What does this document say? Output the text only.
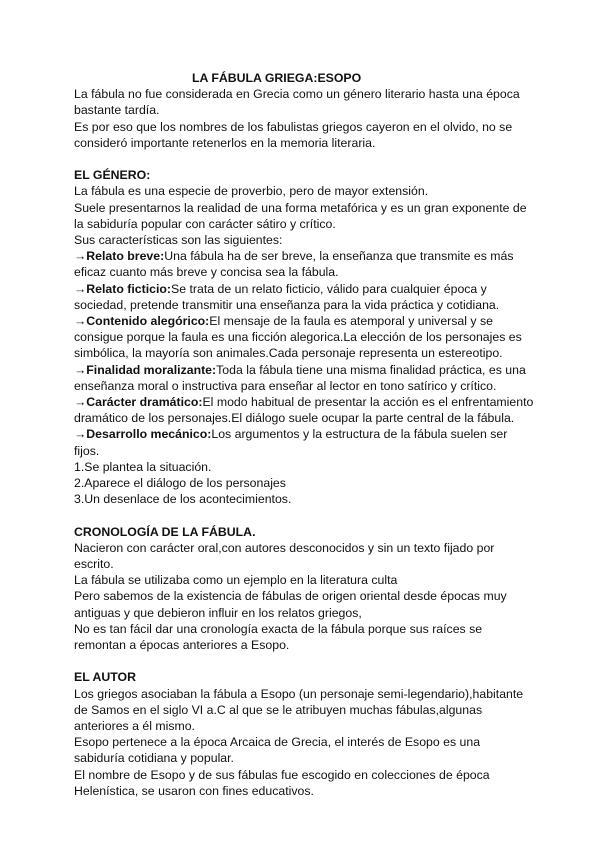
LA FÁBULA GRIEGA:ESOPO

La fábula no fue considerada en Grecia como un género literario hasta una época bastante tardía.

Es por eso que los nombres de los fabulistas griegos cayeron en el olvido, no se consideró importante retenerlos en la memoria literaria.

EL GÉNERO:

La fábula es una especie de proverbio, pero de mayor extensión.

Suele presentarnos la realidad de una forma metafórica y es un gran exponente de la sabiduría popular con carácter sátiro y crítico.

Sus características son las siguientes:

→Relato breve:Una fábula ha de ser breve, la enseñanza que transmite es más eficaz cuanto más breve y concisa sea la fábula.

→Relato ficticio:Se trata de un relato ficticio, válido para cualquier época y sociedad, pretende transmitir una enseñanza para la vida práctica y cotidiana.

→Contenido alegórico:El mensaje de la faula es atemporal y universal y se consigue porque la faula es una ficción alegorica.La elección de los personajes es simbólica, la mayoría son animales.Cada personaje representa un estereotipo.

→Finalidad moralizante:Toda la fábula tiene una misma finalidad práctica, es una enseñanza moral o instructiva para enseñar al lector en tono satírico y crítico.

→Carácter dramático:El modo habitual de presentar la acción es el enfrentamiento dramático de los personajes.El diálogo suele ocupar la parte central de la fábula.

→Desarrollo mecánico:Los argumentos y la estructura de la fábula suelen ser fijos.

1.Se plantea la situación.

2.Aparece el diálogo de los personajes

3.Un desenlace de los acontecimientos.

CRONOLOGÍA DE LA FÁBULA.

Nacieron con carácter oral,con autores desconocidos y sin un texto fijado por escrito.

La fábula se utilizaba como un ejemplo en la literatura culta

Pero sabemos de la existencia de fábulas de origen oriental desde épocas muy antiguas y que debieron influir en los relatos griegos,

No es tan fácil dar una cronología exacta de la fábula porque sus raíces se remontan a épocas anteriores a Esopo.

EL AUTOR

Los griegos asociaban la fábula a Esopo (un personaje semi-legendario),habitante de Samos en el siglo VI a.C al que se le atribuyen muchas fábulas,algunas anteriores a él mismo.

Esopo pertenece a la época Arcaica de Grecia, el interés de Esopo es una sabiduría cotidiana y popular.

El nombre de Esopo y de sus fábulas fue escogido en colecciones de época Helenística, se usaron con fines educativos.
